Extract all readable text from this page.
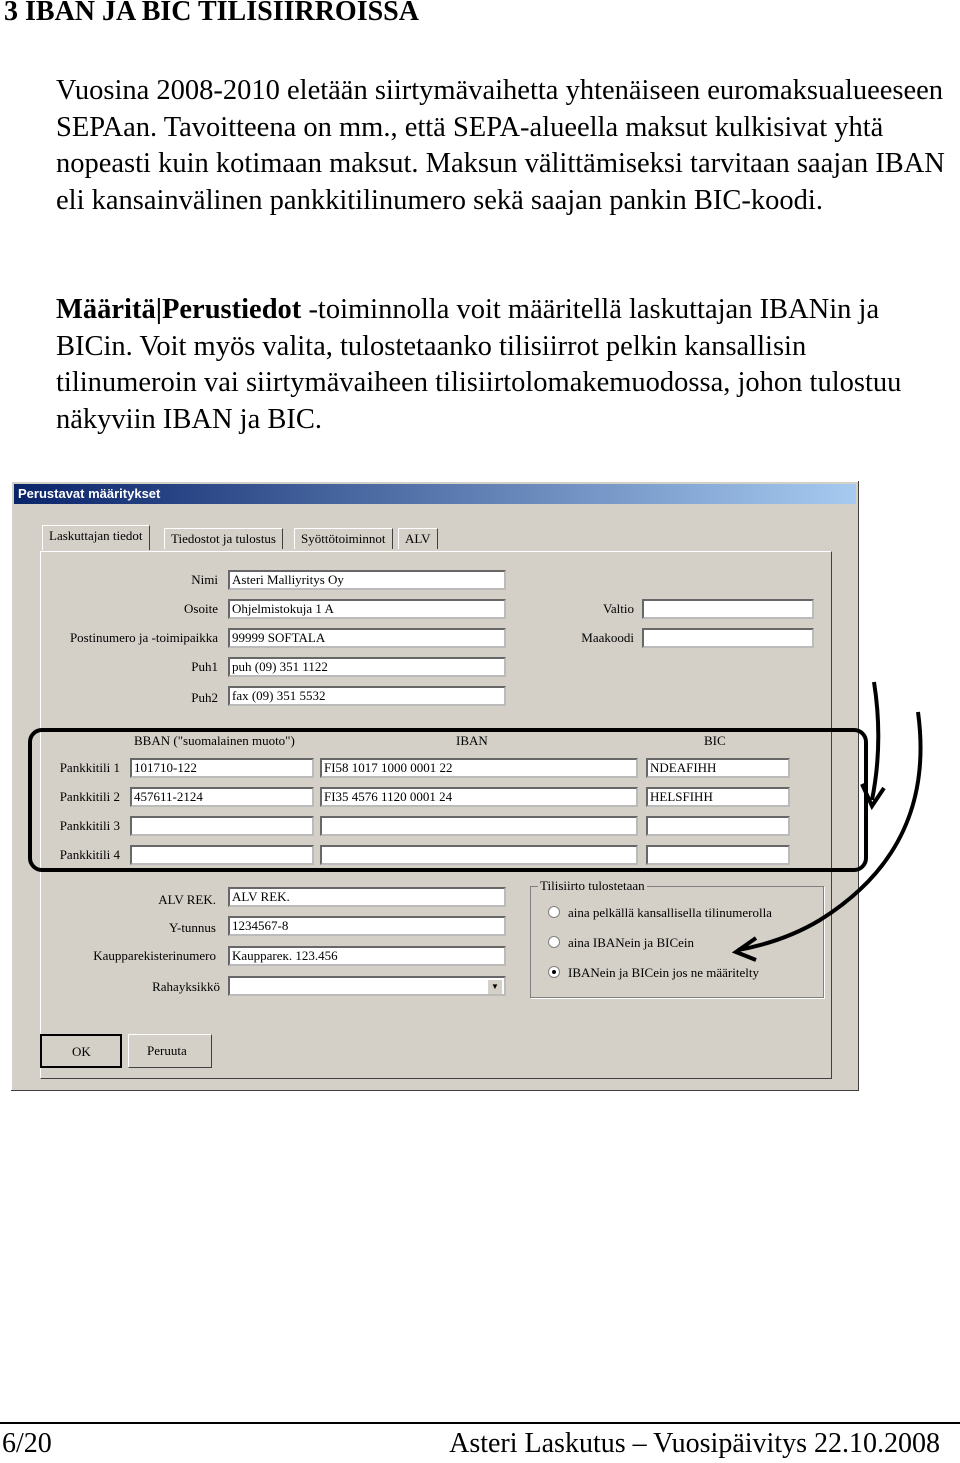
3 IBAN JA BIC TILISIIRROISSA
Vuosina 2008-2010 eletään siirtymävaihetta yhtenäiseen euromaksualueeseen SEPAan. Tavoitteena on mm., että SEPA-alueella maksut kulkisivat yhtä nopeasti kuin kotimaan maksut. Maksun välittämiseksi tarvitaan saajan IBAN eli kansainvälinen pankkitilinumero sekä saajan pankin BIC-koodi.
Määritä|Perustiedot -toiminnolla voit määritellä laskuttajan IBANin ja BICin. Voit myös valita, tulostetaanko tilisiirrot pelkin kansallisin tilinumeroin vai siirtymävaiheen tilisiirtolomakemuodossa, johon tulostuu näkyviin IBAN ja BIC.
Perustavat määritykset
Laskuttajan tiedot	Tiedostot ja tulostus	Syöttötoiminnot	ALV
Nimi	Asteri Malliyritys Oy
Osoite	Ohjelmistokuja 1 A
Postinumero ja -toimipaikka	99999 SOFTALA
Puh1	puh (09) 351 1122
Puh2	fax (09) 351 5532
Valtio
Maakoodi
BBAN ("suomalainen muoto")	IBAN	BIC
Pankkitili 1	101710-122	FI58 1017 1000 0001 22	NDEAFIHH
Pankkitili 2	457611-2124	FI35 4576 1120 0001 24	HELSFIHH
Pankkitili 3
Pankkitili 4
ALV REK.	ALV REK.
Y-tunnus	1234567-8
Kaupparekisterinumero	Kauppareк. 123.456
Rahayksikkö	▼
Tilisiirto tulostetaan
aina pelkällä kansallisella tilinumerolla
aina IBANein ja BICein
IBANein ja BICein jos ne määritelty
OK	Peruuta
6/20	Asteri Laskutus – Vuosipäivitys 22.10.2008
